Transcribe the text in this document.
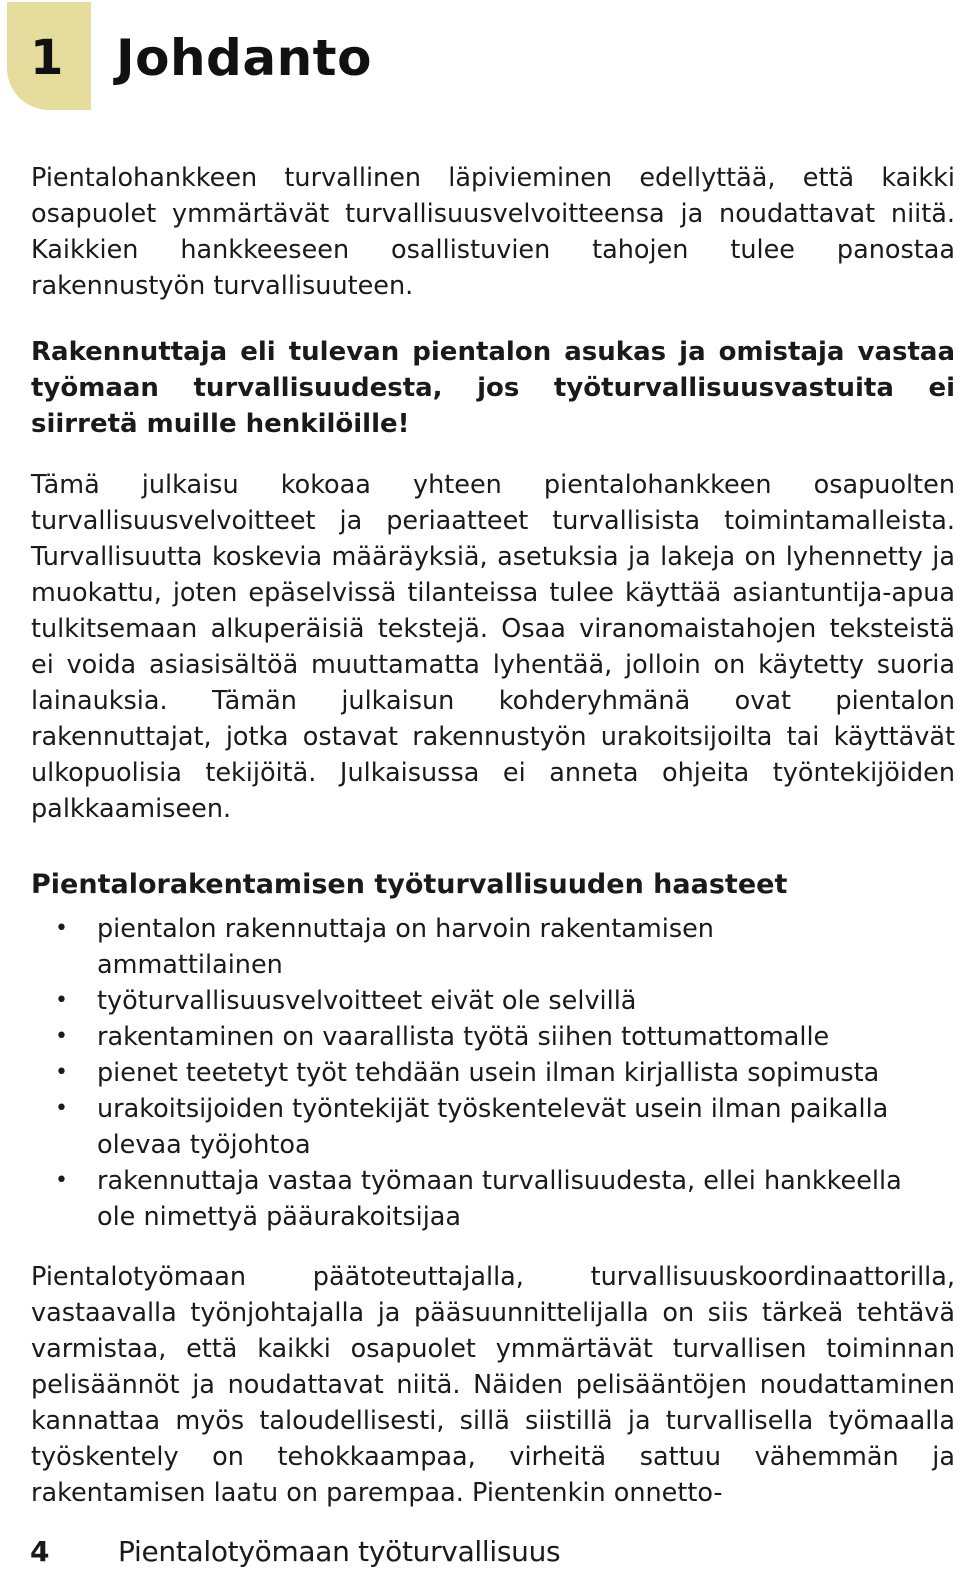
1 Johdanto

Pientalohankkeen turvallinen läpivieminen edellyttää, että kaikki osapuolet ymmärtävät turvallisuusvelvoitteensa ja noudattavat niitä. Kaikkien hankkeeseen osallistuvien tahojen tulee panostaa rakennustyön turvallisuuteen.

Rakennuttaja eli tulevan pientalon asukas ja omistaja vastaa työmaan turvallisuudesta, jos työturvallisuusvastuita ei siirretä muille henkilöille!

Tämä julkaisu kokoaa yhteen pientalohankkeen osapuolten turvallisuusvelvoitteet ja periaatteet turvallisista toimintamalleista. Turvallisuutta koskevia määräyksiä, asetuksia ja lakeja on lyhennetty ja muokattu, joten epäselvissä tilanteissa tulee käyttää asiantuntija-apua tulkitsemaan alkuperäisiä tekstejä. Osaa viranomaistahojen teksteistä ei voida asiasisältöä muuttamatta lyhentää, jolloin on käytetty suoria lainauksia. Tämän julkaisun kohderyhmänä ovat pientalon rakennuttajat, jotka ostavat rakennustyön urakoitsijoilta tai käyttävät ulkopuolisia tekijöitä. Julkaisussa ei anneta ohjeita työntekijöiden palkkaamiseen.

Pientalorakentamisen työturvallisuuden haasteet
• pientalon rakennuttaja on harvoin rakentamisen ammattilainen
• työturvallisuusvelvoitteet eivät ole selvillä
• rakentaminen on vaarallista työtä siihen tottumattomalle
• pienet teetetyt työt tehdään usein ilman kirjallista sopimusta
• urakoitsijoiden työntekijät työskentelevät usein ilman paikalla olevaa työjohtoa
• rakennuttaja vastaa työmaan turvallisuudesta, ellei hankkeella ole nimettyä pääurakoitsijaa

Pientalotyömaan päätoteuttajalla, turvallisuuskoordinaattorilla, vastaavalla työnjohtajalla ja pääsuunnittelijalla on siis tärkeä tehtävä varmistaa, että kaikki osapuolet ymmärtävät turvallisen toiminnan pelisäännöt ja noudattavat niitä. Näiden pelisääntöjen noudattaminen kannattaa myös taloudellisesti, sillä siistillä ja turvallisella työmaalla työskentely on tehokkaampaa, virheitä sattuu vähemmän ja rakentamisen laatu on parempaa. Pientenkin onnetto-

4 Pientalotyömaan työturvallisuus
